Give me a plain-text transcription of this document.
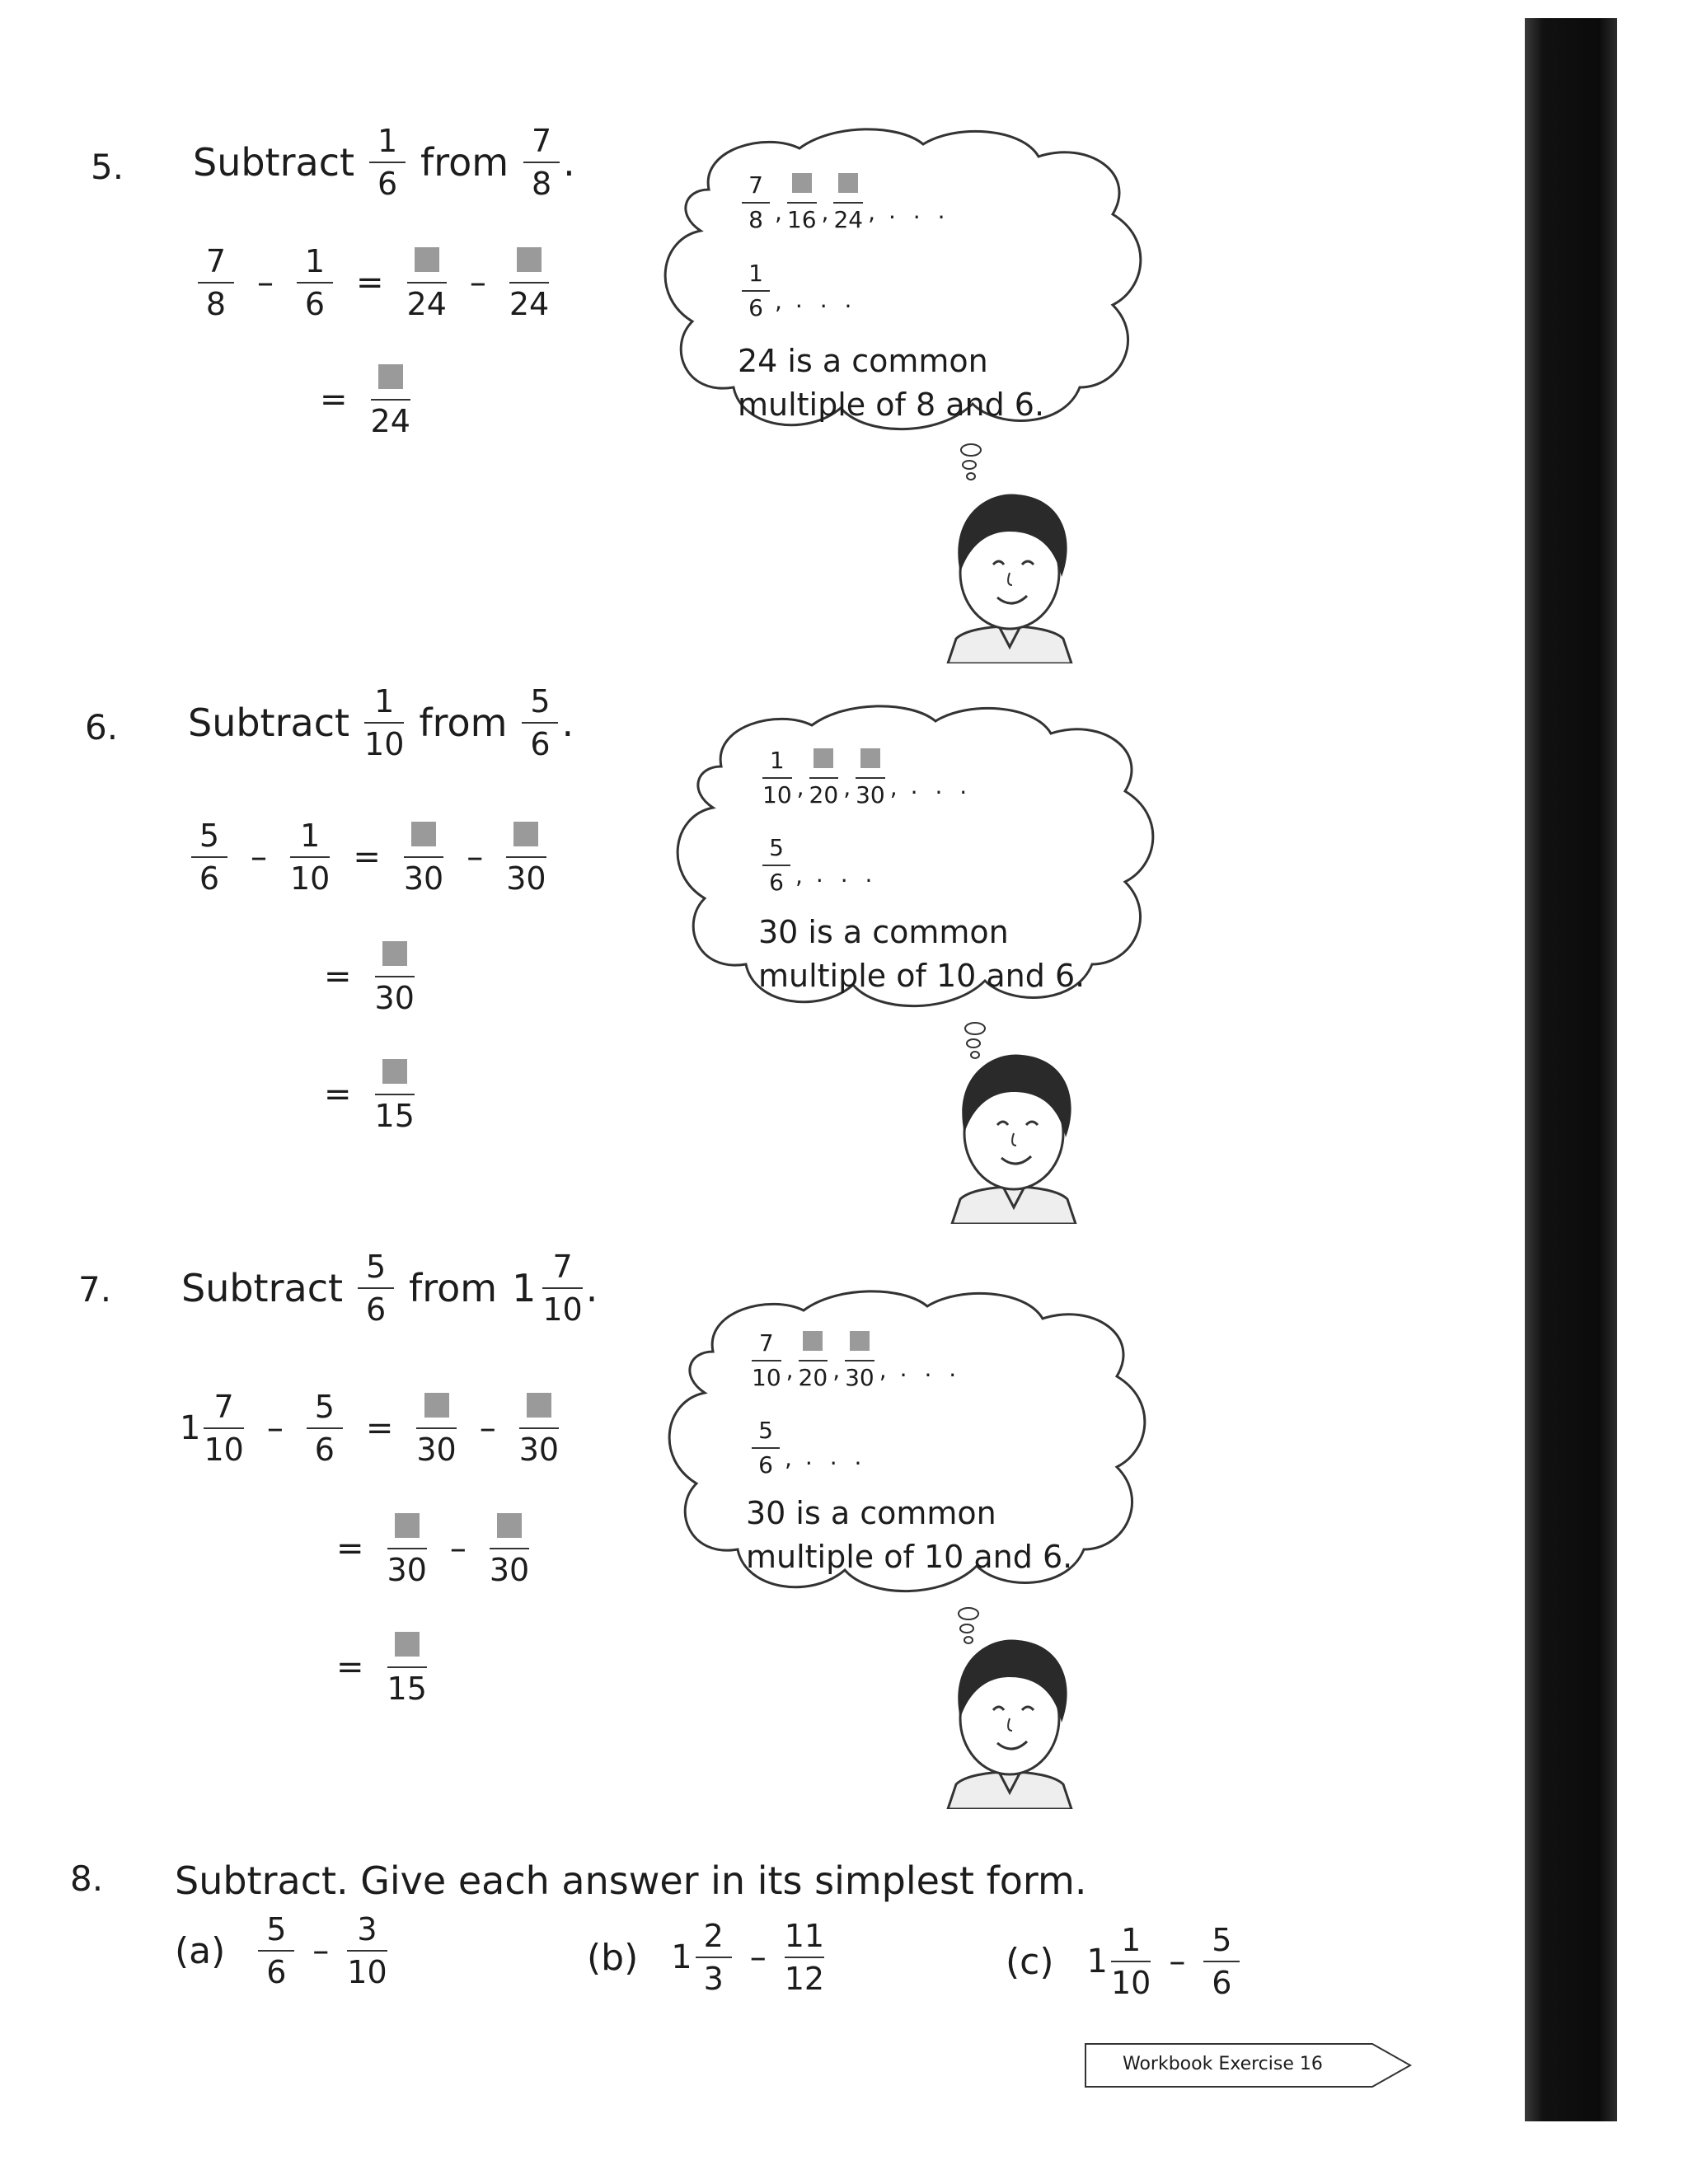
5. Subtract $\frac{1}{6}$ from $\frac{7}{8}$ .
$\frac{7}{8} - \frac{1}{6}$ =
24
–
24
=
24
$\frac{7}{8}$ , 16 , 24 , . . .
$\frac{1}{6}$ , . . .
24 is a common
multiple of 8 and 6.
6. Subtract $\frac{1}{10}$ from $\frac{5}{6}$ .
$\frac{5}{6} - \frac{1}{10}$ =
30
–
30
=
30
=
15
$\frac{1}{10}$ , 20 , 30 , . . .
$\frac{5}{6}$ , . . .
30 is a common
multiple of 10 and 6.
7. Subtract $\frac{5}{6}$ from $1 \frac{7}{10}$ .
$1 \frac{7}{10} - \frac{5}{6}$ =
30
–
30
=
30
–
30
=
15
$\frac{7}{10}$ , 20 , 30 , . . .
$\frac{5}{6}$ , . . .
30 is a common
multiple of 10 and 6.
8. Subtract. Give each answer in its simplest form.
$(a) \frac{5}{6} - \frac{3}{10}$	(b) $1 \frac{2}{3} - \frac{11}{12}$	(c) $1 \frac{1}{10} - \frac{5}{6}$
Workbook Exercise 16
